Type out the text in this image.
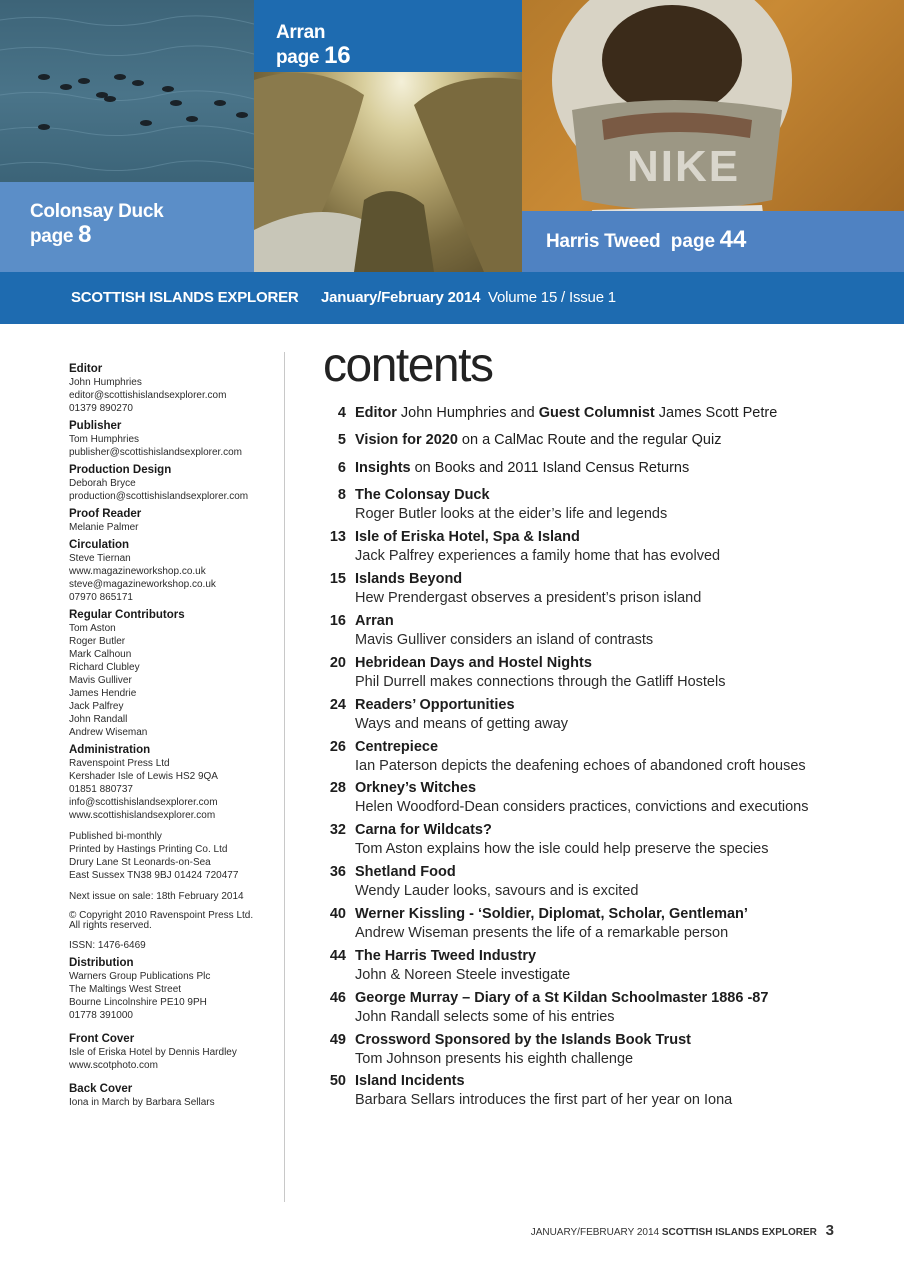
Arran
page 16
NIKE
Colonsay Duck
page 8	Harris Tweed page 44
SCOTTISH ISLANDS EXPLORER January/February 2014 Volume 15 / Issue 1
Editor
John Humphries
editor@scottishislandsexplorer.com
01379 890270
Publisher
Tom Humphries
publisher@scottishislandsexplorer.com
Production Design
Deborah Bryce
production@scottishislandsexplorer.com
Proof Reader
Melanie Palmer
Circulation
Steve Tiernan
www.magazineworkshop.co.uk
steve@magazineworkshop.co.uk
07970 865171
Regular Contributors
Tom Aston
Roger Butler
Mark Calhoun
Richard Clubley
Mavis Gulliver
James Hendrie
Jack Palfrey
John Randall
Andrew Wiseman
Administration
Ravenspoint Press Ltd
Kershader Isle of Lewis HS2 9QA
01851 880737
info@scottishislandsexplorer.com
www.scottishislandsexplorer.com
Published bi-monthly
Printed by Hastings Printing Co. Ltd
Drury Lane St Leonards-on-Sea
East Sussex TN38 9BJ 01424 720477
Next issue on sale: 18th February 2014
© Copyright 2010 Ravenspoint Press Ltd.
All rights reserved.
ISSN: 1476-6469
Distribution
Warners Group Publications Plc
The Maltings West Street
Bourne Lincolnshire PE10 9PH
01778 391000
Front Cover
Isle of Eriska Hotel by Dennis Hardley
www.scotphoto.com
Back Cover
Iona in March by Barbara Sellars
contents
4 Editor John Humphries and Guest Columnist James Scott Petre
5 Vision for 2020 on a CalMac Route and the regular Quiz
6 Insights on Books and 2011 Island Census Returns
8 The Colonsay Duck
Roger Butler looks at the eider’s life and legends
13 Isle of Eriska Hotel, Spa & Island
Jack Palfrey experiences a family home that has evolved
15 Islands Beyond
Hew Prendergast observes a president’s prison island
16 Arran
Mavis Gulliver considers an island of contrasts
20 Hebridean Days and Hostel Nights
Phil Durrell makes connections through the Gatliff Hostels
24 Readers’ Opportunities
Ways and means of getting away
26 Centrepiece
Ian Paterson depicts the deafening echoes of abandoned croft houses
28 Orkney’s Witches
Helen Woodford-Dean considers practices, convictions and executions
32 Carna for Wildcats?
Tom Aston explains how the isle could help preserve the species
36 Shetland Food
Wendy Lauder looks, savours and is excited
40 Werner Kissling - ‘Soldier, Diplomat, Scholar, Gentleman’
Andrew Wiseman presents the life of a remarkable person
44 The Harris Tweed Industry
John & Noreen Steele investigate
46 George Murray – Diary of a St Kildan Schoolmaster 1886 -87
John Randall selects some of his entries
49 Crossword Sponsored by the Islands Book Trust
Tom Johnson presents his eighth challenge
50 Island Incidents
Barbara Sellars introduces the first part of her year on Iona
JANUARY/FEBRUARY 2014 SCOTTISH ISLANDS EXPLORER 3
